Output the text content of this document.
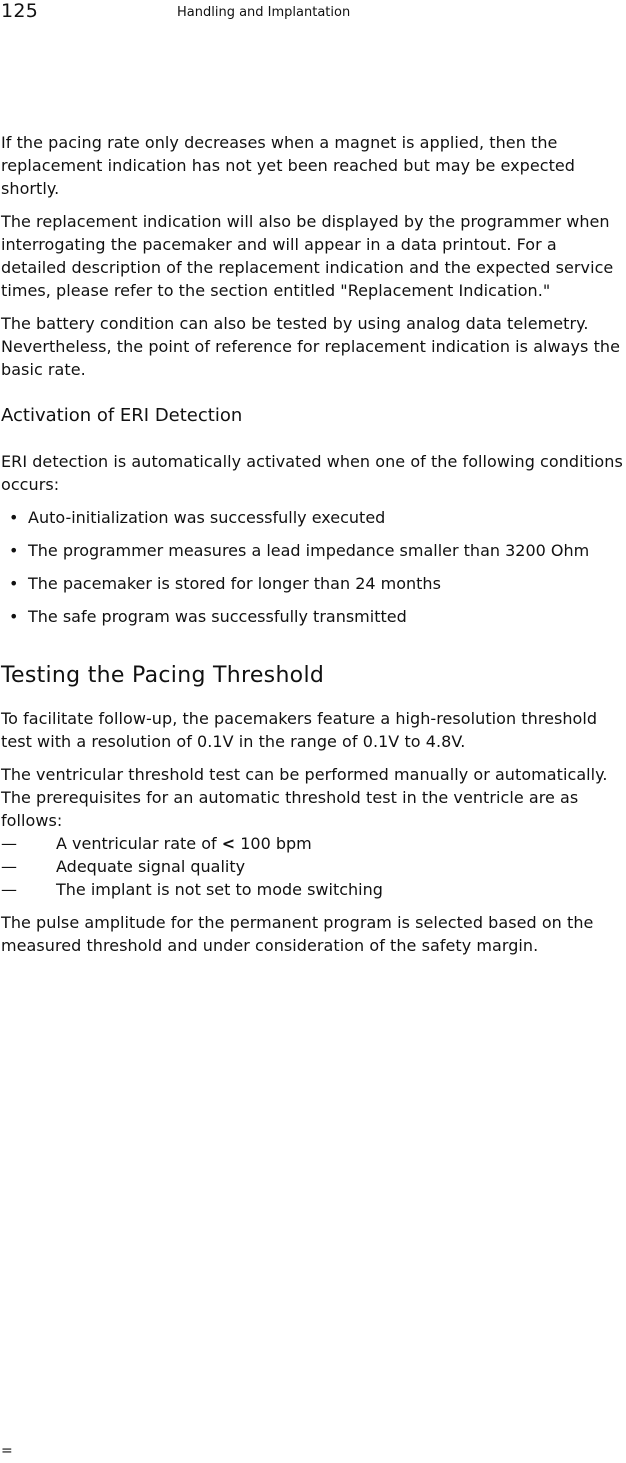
125	Handling and Implantation

If the pacing rate only decreases when a magnet is applied, then the replacement indication has not yet been reached but may be expected shortly.

The replacement indication will also be displayed by the programmer when interrogating the pacemaker and will appear in a data printout. For a detailed description of the replacement indication and the expected service times, please refer to the section entitled "Replacement Indication."

The battery condition can also be tested by using analog data telemetry. Nevertheless, the point of reference for replacement indication is always the basic rate.

Activation of ERI Detection

ERI detection is automatically activated when one of the following conditions occurs:

• Auto-initialization was successfully executed
• The programmer measures a lead impedance smaller than 3200 Ohm
• The pacemaker is stored for longer than 24 months
• The safe program was successfully transmitted
Testing the Pacing Threshold

To facilitate follow-up, the pacemakers feature a high-resolution threshold test with a resolution of 0.1V in the range of 0.1V to 4.8V.

The ventricular threshold test can be performed manually or automatically. The prerequisites for an automatic threshold test in the ventricle are as follows:

— A ventricular rate of < 100 bpm
— Adequate signal quality
— The implant is not set to mode switching

The pulse amplitude for the permanent program is selected based on the measured threshold and under consideration of the safety margin.

=
